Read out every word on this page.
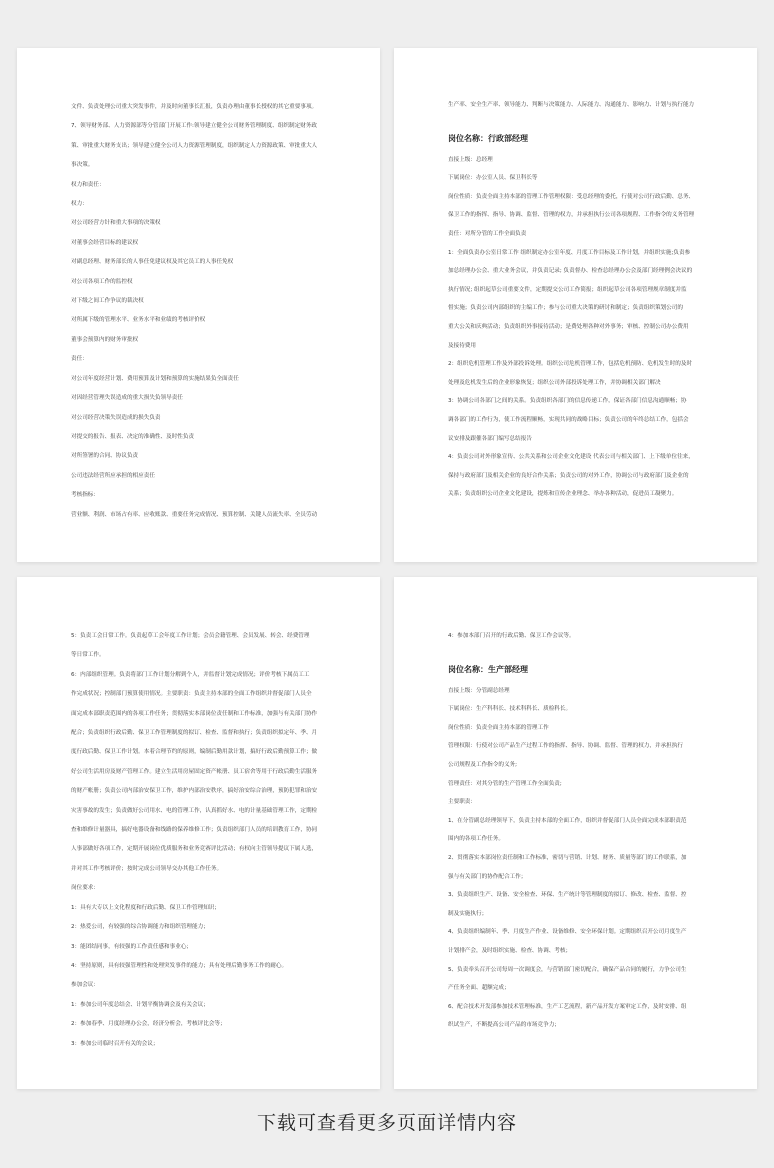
文件、负责处理公司重大突发事件，并及时向董事长汇报，负责办理由董事长授权的其它重要事项。
7、领导财务部、人力资源部等分管部门开展工作:领导建立健全公司财务管理制度、组织制定财务政
策、审批重大财务支出；领导建立健全公司人力资源管理制度，组织制定人力资源政策、审批重大人
事决策。
权力和责任：
权力：
对公司经营方针和重大事项的决策权
对董事会经营目标的建议权
对副总经理、财务部长的人事任免建议权及其它员工的人事任免权
对公司各项工作的监控权
对下级之间工作争议的裁决权
对所属下级的管理水平、业务水平和业绩的考核评价权
董事会预算内的财务审批权
责任：
对公司年度经营计划、费用预算及计划和预算的实施结果负全面责任
对因经营管理失误造成的重大损失负领导责任
对公司经营决策失误造成的损失负责
对提交的报告、报表、决定的准确性、及时性负责
对所签署的合同、协议负责
公司违法经营所应承担的相应责任
考核指标：
营业额、利润、市场占有率、应收账款、重要任务完成情况、预算控制、关键人员流失率、全员劳动
生产率、安全生产率、领导能力、判断与决策能力、人际能力、沟通能力、影响力、计划与执行能力
岗位名称：行政部经理
直接上级：总经理
下属岗位：办公室人员、保卫科长等
岗位性质：负责全面主持本部的管理工作管理权限：受总经理的委托，行使对公司行政后勤、总务、
保卫工作的指挥、指导、协调、监督、管理的权力，并承担执行公司各项规程、工作指令的义务管理
责任：对所分管的工作全面负责
1：全面负责办公室日常工作 组织制定办公室年度、月度工作目标及工作计划，并组织实施;负责参
加总经理办公会、重大业务会议，并负责记录; 负责督办、检查总经理办公会及部门经理例会决议的
执行情况; 组织起草公司重要文件，定期提交公司工作简报；组织起草公司各项管理规章制度并监
督实施；负责公司内部组织的主编工作；参与公司重大决策的研讨和制定；负责组织策划公司的
重大公关和庆典活动；负责组织外事接待活动；是费处理各种对外事务；审核、控制公司办公费用
及接待费用
2：组织危机管理工作及外部投诉处理。组织公司危机管理工作，包括危机预防、危机发生时的及时
处理及危机发生后的企业形象恢复；组织公司外部投诉处理工作，并协调相关部门解决
3：协调公司各部门之间的关系。负责组织各部门的信息传递工作，保证各部门信息沟通顺畅；协
调各部门的工作行为，使工作流程顺畅，实现共同的战略目标；负责公司的年终总结工作，包括会
议安排及跟催各部门编写总结报告
4：负责公司对外形象宣传、公共关系和公司企业文化建设 代表公司与相关部门、上下级单位往来，
保持与政府部门及相关企业的良好合作关系；负责公司的对外工作，协调公司与政府部门及企业的
关系；负责组织公司企业文化建设，提炼和宣传企业理念、举办各种活动，促进员工凝聚力。
5：负责工会日常工作。负责起草工会年度工作计划；会员会籍管理、会员发展、转会、经费管理
等日常工作。
6：内部组织管理。负责将部门工作计划分解到个人，并监督计划完成情况；评价考核下属员工工
作完成状况；控制部门预算使用情况。主要职责：负责主持本部的全面工作组织并督促部门人员全
面完成本部职责范围内的各项工作任务；贯彻落实本部岗位责任制和工作标准，加强与有关部门协作
配合；负责组织行政后勤、保卫工作管理制度的拟订、检查、监督和执行；负责组织拟定年、季、月
度行政后勤、保卫工作计划。本着合理节约的原则，编制后勤用款计划，搞好行政后勤预算工作；做
好公司生活用房及财产管理工作。建立生活用房屋固定资产帐册、员工宿舍等用于行政后勤生活服务
的财产帐册；负责公司内部治安保卫工作，维护内部治安秩序，搞好治安综合治理，预防犯罪和治安
灾害事故的发生；负责做好公司用水、电的管理工作，认真抓好水、电的计量基础管理工作，定期检
查和维修计量器具，搞好电器设备和线路的保养维修工作；负责组织部门人员的培训教育工作，协同
人事部做好各项工作，定期开展岗位优质服务和业务竞赛评比活动；有权向主管领导提议下属人选，
并对其工作考核评价；按时完成公司领导交办其他工作任务。
岗位要求：
1：具有大专以上文化程度和行政后勤、保卫工作管理知识；
2：热爱公司，有较强的综合协调能力和组织管理能力；
3：能团结同事，有较强的工作责任感和事业心；
4：坚持原则，具有较强管理性和处理突发事件的能力；具有处理后勤事务工作的耐心。
参加会议：
1：参加公司年度总结会、计划平衡协调会及有关会议；
2：参加春季、月度经理办公会，经济分析会，考核评比会等；
3：参加公司临时召开有关的会议；
4：参加本部门召开的行政后勤、保卫工作会议等。
岗位名称：生产部经理
直接上级：分管副总经理
下属岗位：生产科科长、技术科科长、质检科长。
岗位性质：负责全面主持本部的管理工作
管理权限：行使对公司产品生产过程工作的指挥、指导、协调、监督、管理的权力，并承担执行
公司规程及工作指令的义务;
管理责任：对其分管的生产管理工作全面负责;
主要职责：
1、在分管副总经理领导下，负责主持本部的全面工作，组织并督促部门人员全面完成本部职责范
围内的各项工作任务。
2、贯彻落实本部岗位责任制和工作标准，密切与营销、计划、财务、质量等部门的工作联系，加
强与有关部门的协作配合工作；
3、负责组织生产、设备、安全检查、环保、生产统计等管理制度的拟订、修改、检查、监督、控
制及实施执行；
4、负责组织编制年、季、月度生产作业、设备维修、安全环保计划。定期组织召开公司月度生产
计划排产会，及时组织实施、检查、协调、考核；
5、负责牵头召开公司每周一次调度会，与营销部门密切配合，确保产品合同的履行，力争公司生
产任务全面、超额完成；
6、配合技术开发部参加技术管理标准，生产工艺流程，新产品开发方案审定工作，及时安排、组
织试生产，不断提高公司产品的市场竞争力；
下载可查看更多页面详情内容
